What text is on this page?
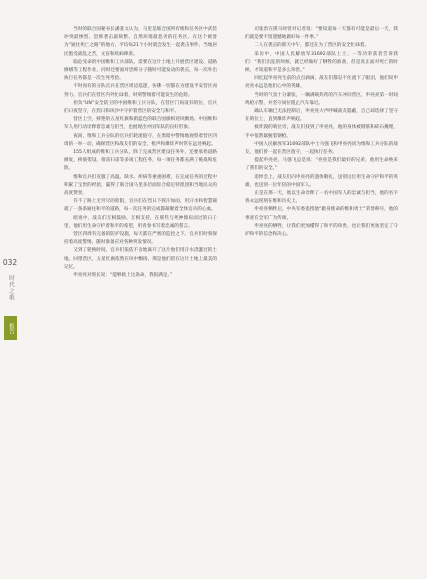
032
时代之歌
报告

当时的联合国秘书长潘基文认为，马里是联合国所有维和任务区中武装冲突最惨烈、恐怖袭击最频繁、自然环境最恶劣的任务区。在这个被誉为“通往死亡之路”的地方，平均每21个小时就会发生一起袭击事件，当地居民饱受战乱之苦，文盲和疾病肆虐。

临危受命的中国维和工兵部队，需要在这片土地上开展营区建设、道路修缮等工程作业，同时还要面对恐怖分子随时可能发动的袭击，每一次外出执行任务都是一次生死考验。

不时而有的分队官兵在营区周边巡逻，仿佛一切都在为建设平安营区而努力。官兵们在营区内外忙碌着，时刻警惕着可能发生的危险。

担负“UN”安全防卫的中国维和工兵分队，在营区门岗设有哨位，官兵们日夜坚守，在烈日和风沙中守护着营区的安全与和平。

营区上空，鲜艳的五星红旗和蔚蓝色的联合国旗帜迎风飘扬，中国维和军人用行动诠释着忠诚与担当，也展现出中国军队的良好形象。

夜间，维和工兵分队的官兵们轮流值守，在黑暗中警惕地观察着营区四周的一举一动，确保营区和战友们的安全，枪声和爆炸声时常在远处响起。

155人组成的维和工兵分队，除了完成营区建设任务外，还要承担道路修复、桥梁架设、排雷扫雷等多项工程任务，每一项任务都充满了挑战和危险。

维和官兵们克服了高温、缺水、疾病等重重困难，在完成任务的过程中积累了宝贵的经验，赢得了联合国马里多层面综合稳定特派团和当地民众的高度赞誉。

许不了路上无穷尽的险阻，官兵们在烈日下挥汗如雨，用汗水和智慧铺就了一条条通往和平的道路，每一次任务的完成都凝聚着全体官兵的心血。

暗夜中，战友们互相鼓励、互相支持，在那些与死神擦肩而过的日子里，他们用生命守护着和平的希望，用青春书写着忠诚的誓言。

营区四周有完备的防护设施，每天都在严密的监控之下。官兵们时刻保持着高度警惕，随时准备应对各种突发情况。

又到了轮换时间，官兵们依依不舍地离开了这片他们用汗水浇灌过的土地。回望营区，五星红旗依然在风中飘扬，那是他们留在这片土地上最美的记忆。

申亮亮对班长说：“能够救上这条命，我很满足。”

司张贵在援马时曾对记者说：“要知道每一天都有可能是最后一天，我们就是要不留遗憾地做好每一件事。”

二人在袭击的那天中午，都还在为了营区的安全忙碌着。

采访中，中国人民解放军31692部队上士、一等功荣获者告诉我们：“我们出征的时候，就已经做好了牺牲的准备，但是真正面对死亡的时候，才知道和平是多么珍贵。”

回忆起申亮亮生前的点点滴滴，战友们都忍不住流下了眼泪，他们说申亮亮永远是他们心中的英雄。

当时的气氛十分紧张，一辆满载炸药的汽车冲向营区，申亮亮第一时间鸣枪示警，并坚守岗位阻止汽车靠近。

确认车辆已无法控制后，申亮亮大声呼喊战友隐蔽，自己却选择了坚守在哨位上，直到爆炸声响起。

被炸毁的哨位旁，战友们找到了申亮亮，他的身体被钢筋和碎石掩埋，手中依然紧握着钢枪。

中国人民解放军31692部队中士马强飞和申亮亮同为维和工兵分队的战友，他们曾一起在营区值守，一起执行任务。

提起申亮亮，马强飞总是说：“亮亮是我们最好的兄弟，他用生命换来了我们的安全。”

追悼会上，战友们向申亮亮的遗体敬礼，送别这位用生命守护和平的英雄，也送别一位年轻的中国军人。

正是在那一天，他以生命诠释了一名中国军人的忠诚与担当，他的名字将永远铭刻在维和历史上。

申亮亮牺牲后，中央军委追授他“献身使命的维和勇士”荣誉称号，他的事迹在全军广为传颂。

申亮亮的牺牲，让我们更加懂得了和平的珍贵，也让我们更加坚定了守护和平的信念和决心。
